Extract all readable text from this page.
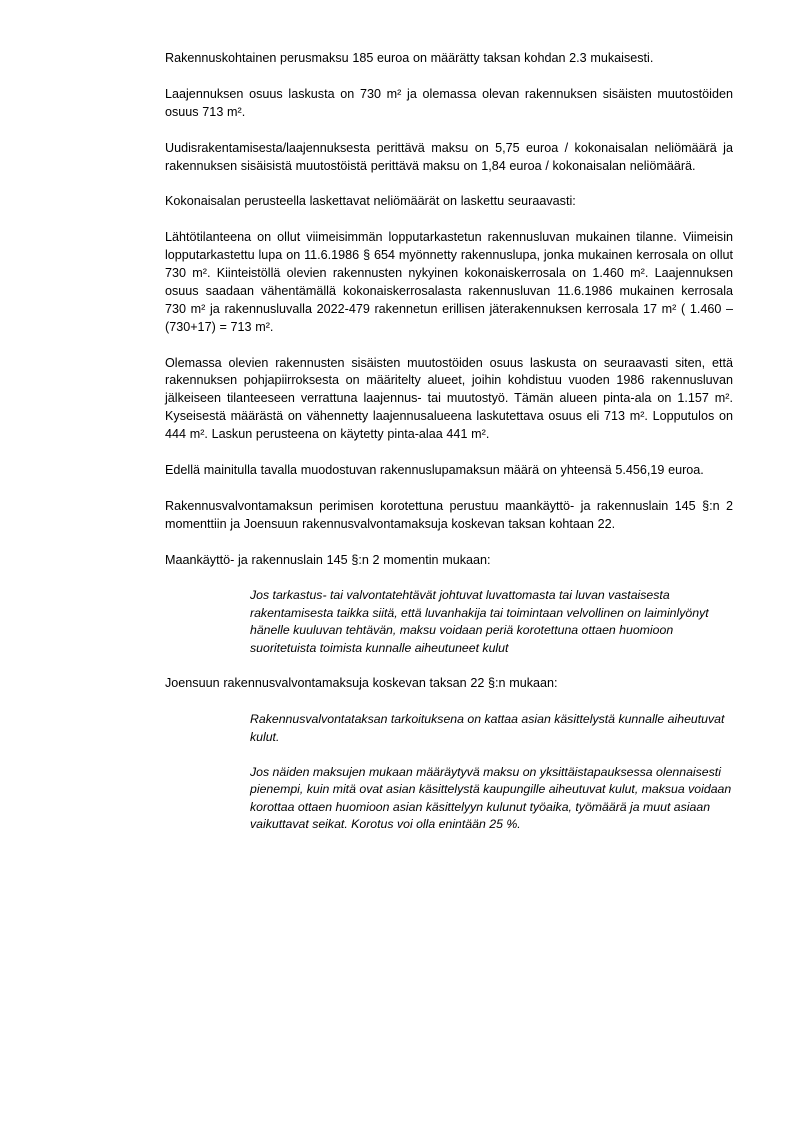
Rakennuskohtainen perusmaksu 185 euroa on määrätty taksan kohdan 2.3 mukaisesti.

Laajennuksen osuus laskusta on 730 m² ja olemassa olevan rakennuksen sisäisten muutostöiden osuus 713 m².

Uudisrakentamisesta/laajennuksesta perittävä maksu on 5,75 euroa / kokonaisalan neliömäärä ja rakennuksen sisäisistä muutostöistä perittävä maksu on 1,84 euroa / kokonaisalan neliömäärä.

Kokonaisalan perusteella laskettavat neliömäärät on laskettu seuraavasti:

Lähtötilanteena on ollut viimeisimmän lopputarkastetun rakennusluvan mukainen tilanne. Viimeisin lopputarkastettu lupa on 11.6.1986 § 654 myönnetty rakennuslupa, jonka mukainen kerrosala on ollut 730 m². Kiinteistöllä olevien rakennusten nykyinen kokonaiskerrosala on 1.460 m². Laajennuksen osuus saadaan vähentämällä kokonaiskerrosalasta rakennusluvan 11.6.1986 mukainen kerrosala 730 m² ja rakennusluvalla 2022-479 rakennetun erillisen jäterakennuksen kerrosala 17 m² ( 1.460 – (730+17) = 713 m².

Olemassa olevien rakennusten sisäisten muutostöiden osuus laskusta on seuraavasti siten, että rakennuksen pohjapiirroksesta on määritelty alueet, joihin kohdistuu vuoden 1986 rakennusluvan jälkeiseen tilanteeseen verrattuna laajennus- tai muutostyö. Tämän alueen pinta-ala on 1.157 m². Kyseisestä määrästä on vähennetty laajennusalueena laskutettava osuus eli 713 m². Lopputulos on 444 m². Laskun perusteena on käytetty pinta-alaa 441 m².

Edellä mainitulla tavalla muodostuvan rakennuslupamaksun määrä on yhteensä 5.456,19 euroa.

Rakennusvalvontamaksun perimisen korotettuna perustuu maankäyttö- ja rakennuslain 145 §:n 2 momenttiin ja Joensuun rakennusvalvontamaksuja koskevan taksan kohtaan 22.

Maankäyttö- ja rakennuslain 145 §:n 2 momentin mukaan:

Jos tarkastus- tai valvontatehtävät johtuvat luvattomasta tai luvan vastaisesta rakentamisesta taikka siitä, että luvanhakija tai toimintaan velvollinen on laiminlyönyt hänelle kuuluvan tehtävän, maksu voidaan periä korotettuna ottaen huomioon suoritetuista toimista kunnalle aiheutuneet kulut

Joensuun rakennusvalvontamaksuja koskevan taksan 22 §:n mukaan:

Rakennusvalvontataksan tarkoituksena on kattaa asian käsittelystä kunnalle aiheutuvat kulut.

Jos näiden maksujen mukaan määräytyvä maksu on yksittäistapauksessa olennaisesti pienempi, kuin mitä ovat asian käsittelystä kaupungille aiheutuvat kulut, maksua voidaan korottaa ottaen huomioon asian käsittelyyn kulunut työaika, työmäärä ja muut asiaan vaikuttavat seikat. Korotus voi olla enintään 25 %.
